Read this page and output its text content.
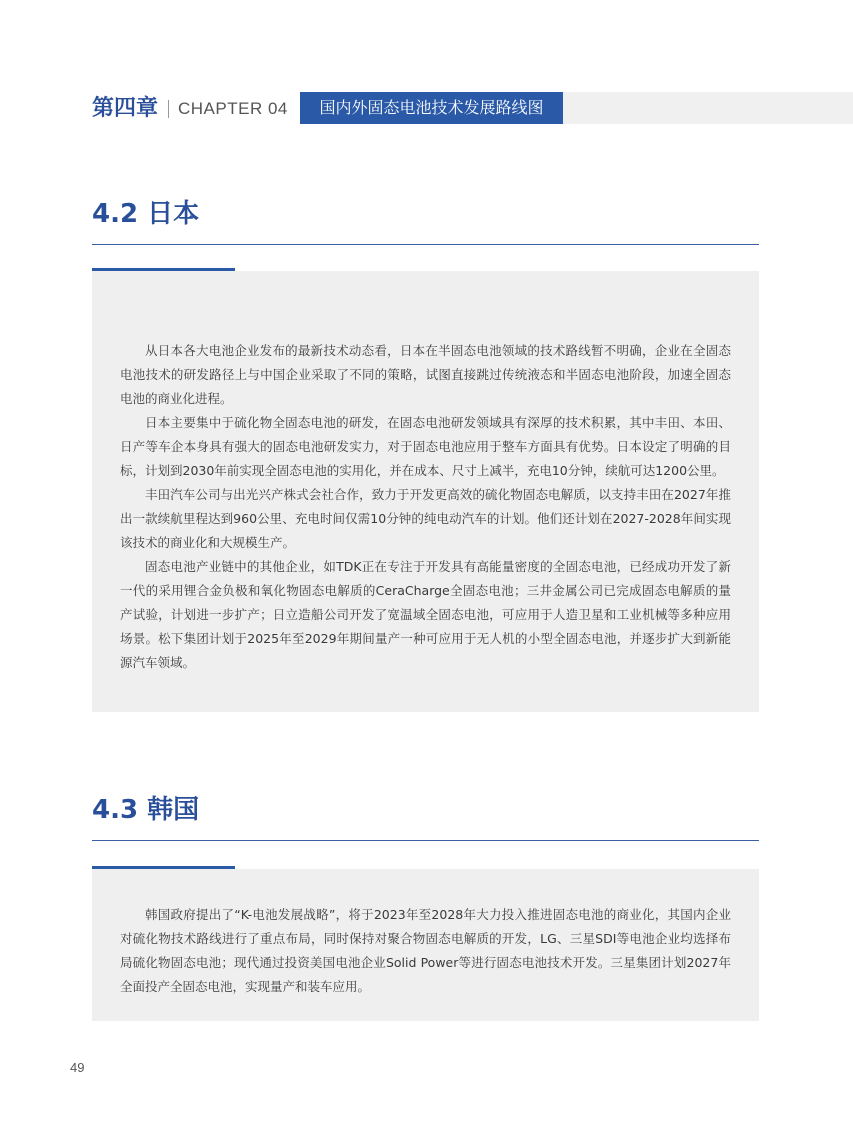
第四章 CHAPTER 04	国内外固态电池技术发展路线图
4.2 日本

从日本各大电池企业发布的最新技术动态看，日本在半固态电池领域的技术路线暂不明确，企业在全固态电池技术的研发路径上与中国企业采取了不同的策略，试图直接跳过传统液态和半固态电池阶段，加速全固态电池的商业化进程。

日本主要集中于硫化物全固态电池的研发，在固态电池研发领域具有深厚的技术积累，其中丰田、本田、日产等车企本身具有强大的固态电池研发实力，对于固态电池应用于整车方面具有优势。日本设定了明确的目标，计划到2030年前实现全固态电池的实用化，并在成本、尺寸上减半，充电10分钟，续航可达1200公里。

丰田汽车公司与出光兴产株式会社合作，致力于开发更高效的硫化物固态电解质，以支持丰田在2027年推出一款续航里程达到960公里、充电时间仅需10分钟的纯电动汽车的计划。他们还计划在2027-2028年间实现该技术的商业化和大规模生产。

固态电池产业链中的其他企业，如TDK正在专注于开发具有高能量密度的全固态电池，已经成功开发了新一代的采用锂合金负极和氧化物固态电解质的CeraCharge全固态电池；三井金属公司已完成固态电解质的量产试验，计划进一步扩产；日立造船公司开发了宽温域全固态电池，可应用于人造卫星和工业机械等多种应用场景。松下集团计划于2025年至2029年期间量产一种可应用于无人机的小型全固态电池，并逐步扩大到新能源汽车领域。

4.3 韩国

韩国政府提出了“K-电池发展战略”，将于2023年至2028年大力投入推进固态电池的商业化，其国内企业对硫化物技术路线进行了重点布局，同时保持对聚合物固态电解质的开发，LG、三星SDI等电池企业均选择布局硫化物固态电池；现代通过投资美国电池企业Solid Power等进行固态电池技术开发。三星集团计划2027年全面投产全固态电池，实现量产和装车应用。

49
